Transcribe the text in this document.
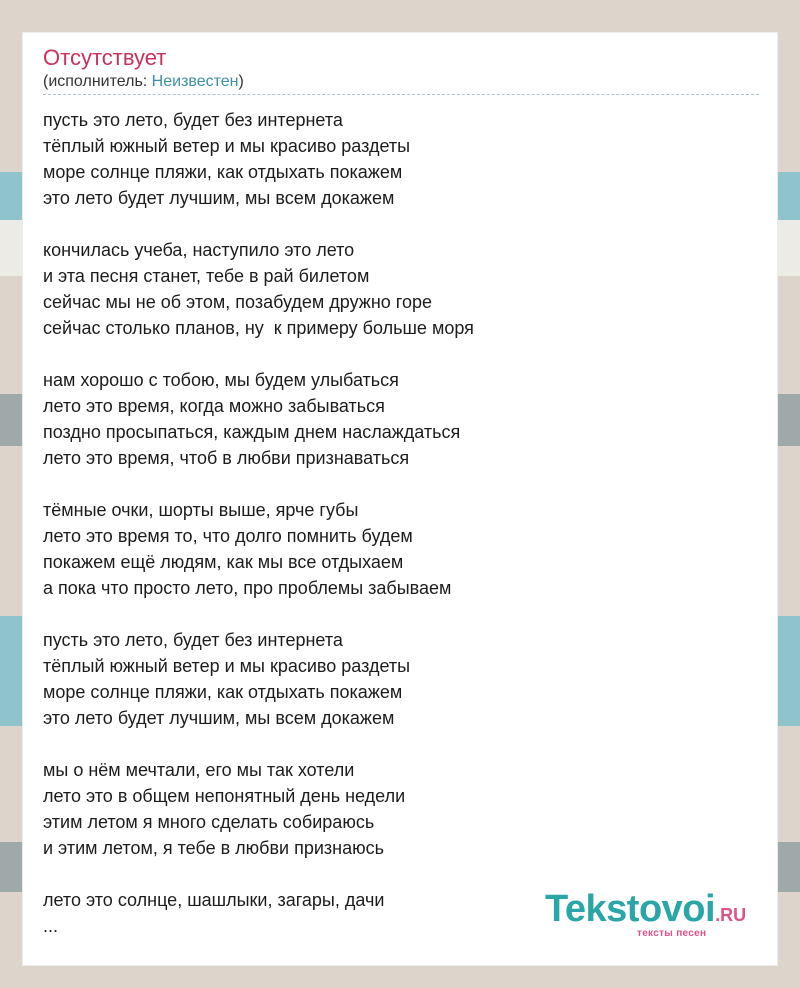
Отсутствует
(исполнитель: Неизвестен)
пусть это лето, будет без интернета
тёплый южный ветер и мы красиво раздеты
море солнце пляжи, как отдыхать покажем
это лето будет лучшим, мы всем докажем

кончилась учеба, наступило это лето
и эта песня станет, тебе в рай билетом
сейчас мы не об этом, позабудем дружно горе
сейчас столько планов, ну  к примеру больше моря

нам хорошо с тобою, мы будем улыбаться
лето это время, когда можно забываться
поздно просыпаться, каждым днем наслаждаться
лето это время, чтоб в любви признаваться

тёмные очки, шорты выше, ярче губы
лето это время то, что долго помнить будем
покажем ещё людям, как мы все отдыхаем
а пока что просто лето, про проблемы забываем

пусть это лето, будет без интернета
тёплый южный ветер и мы красиво раздеты
море солнце пляжи, как отдыхать покажем
это лето будет лучшим, мы всем докажем

мы о нём мечтали, его мы так хотели
лето это в общем непонятный день недели
этим летом я много сделать собираюсь
и этим летом, я тебе в любви признаюсь

лето это солнце, шашлыки, загары, дачи
...	Tekstovoi.RU
тексты песен
